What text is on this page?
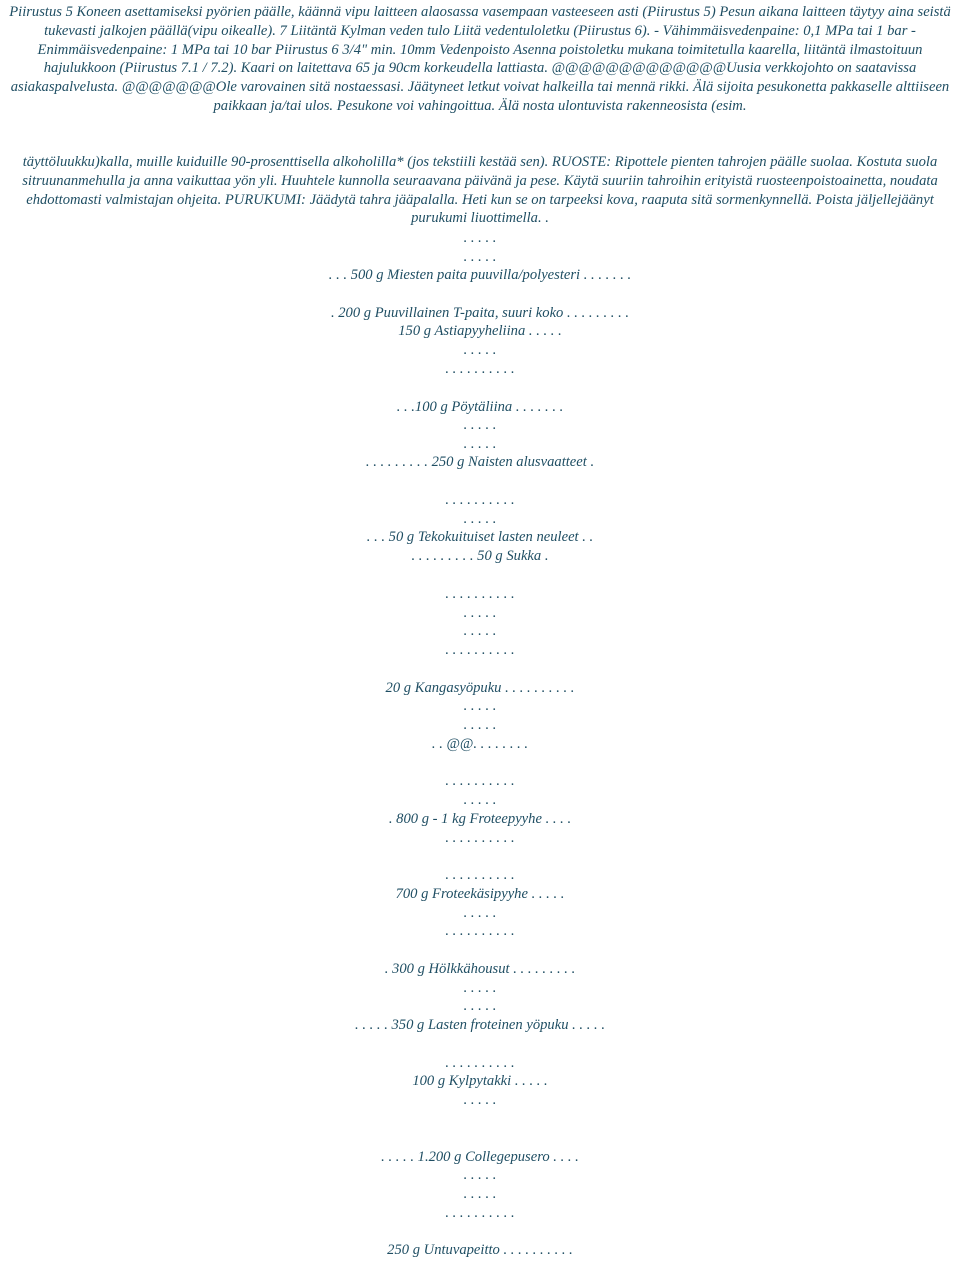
Piirustus 5 Koneen asettamiseksi pyörien päälle, käännä vipu laitteen alaosassa vasempaan vasteeseen asti (Piirustus 5) Pesun aikana laitteen täytyy aina seistä tukevasti jalkojen päällä(vipu oikealle). 7 Liitäntä Kylman veden tulo Liitä vedentuloletku (Piirustus 6). - Vähimmäisvedenpaine: 0,1 MPa tai 1 bar - Enimmäisvedenpaine: 1 MPa tai 10 bar Piirustus 6 3/4" min. 10mm Vedenpoisto Asenna poistoletku mukana toimitetulla kaarella, liitäntä ilmastoituun hajulukkoon (Piirustus 7.1 / 7.2). Kaari on laitettava 65 ja 90cm korkeudella lattiasta. @@@@@@@@@@@@@Uusia verkkojohto on saatavissa asiakaspalvelusta. @@@@@@@Ole varovainen sitä nostaessasi. Jäätyneet letkut voivat halkeilla tai mennä rikki. Älä sijoita pesukonetta pakkaselle alttiiseen paikkaan ja/tai ulos. Pesukone voi vahingoittua. Älä nosta ulontuvista rakenneosista (esim.

täyttöluukku)kalla, muille kuiduille 90-prosenttisella alkoholilla* (jos tekstiili kestää sen). RUOSTE: Ripottele pienten tahrojen päälle suolaa. Kostuta suola sitruunanmehulla ja anna vaikuttaa yön yli. Huuhtele kunnolla seuraavana päivänä ja pese. Käytä suuriin tahroihin erityistä ruosteenpoistoainetta, noudata ehdottomasti valmistajan ohjeita. PURUKUMI: Jäädytä tahra jääpalalla. Heti kun se on tarpeeksi kova, raaputa sitä sormenkynnellä. Poista jäljellejäänyt purukumi liuottimella. .

. . . . .

. . . . .

. . . 500 g Miesten paita puuvilla/polyesteri . . . . . . .

. 200 g Puuvillainen T-paita, suuri koko . . . . . . . . .

150 g Astiapyyheliina . . . . .

. . . . .

. . . . . . . . . .

. . .100 g Pöytäliina . . . . . . .

. . . . .

. . . . .

. . . . . . . . . 250 g Naisten alusvaatteet .

. . . . . . . . . .

. . . . .

. . . 50 g Tekokuituiset lasten neuleet . .

. . . . . . . . . 50 g Sukka .

. . . . . . . . . .

. . . . .

. . . . .

. . . . . . . . . .

20 g Kangasyöpuku . . . . . . . . . .

. . . . .

. . . . .

. . @@. . . . . . . .

. . . . . . . . . .

. . . . .

. 800 g - 1 kg Froteepyyhe . . . .

. . . . . . . . . .

. . . . . . . . . .

700 g Froteekäsipyyhe . . . . .

. . . . .

. . . . . . . . . .

. 300 g Hölkkähousut . . . . . . . . .

. . . . .

. . . . .

. . . . . 350 g Lasten froteinen yöpuku . . . . .

. . . . . . . . . .

100 g Kylpytakki . . . . .

. . . . .

. . . . . 1.200 g Collegepusero . . . .

. . . . .

. . . . .

. . . . . . . . . .

250 g Untuvapeitto . . . . . . . . . .
